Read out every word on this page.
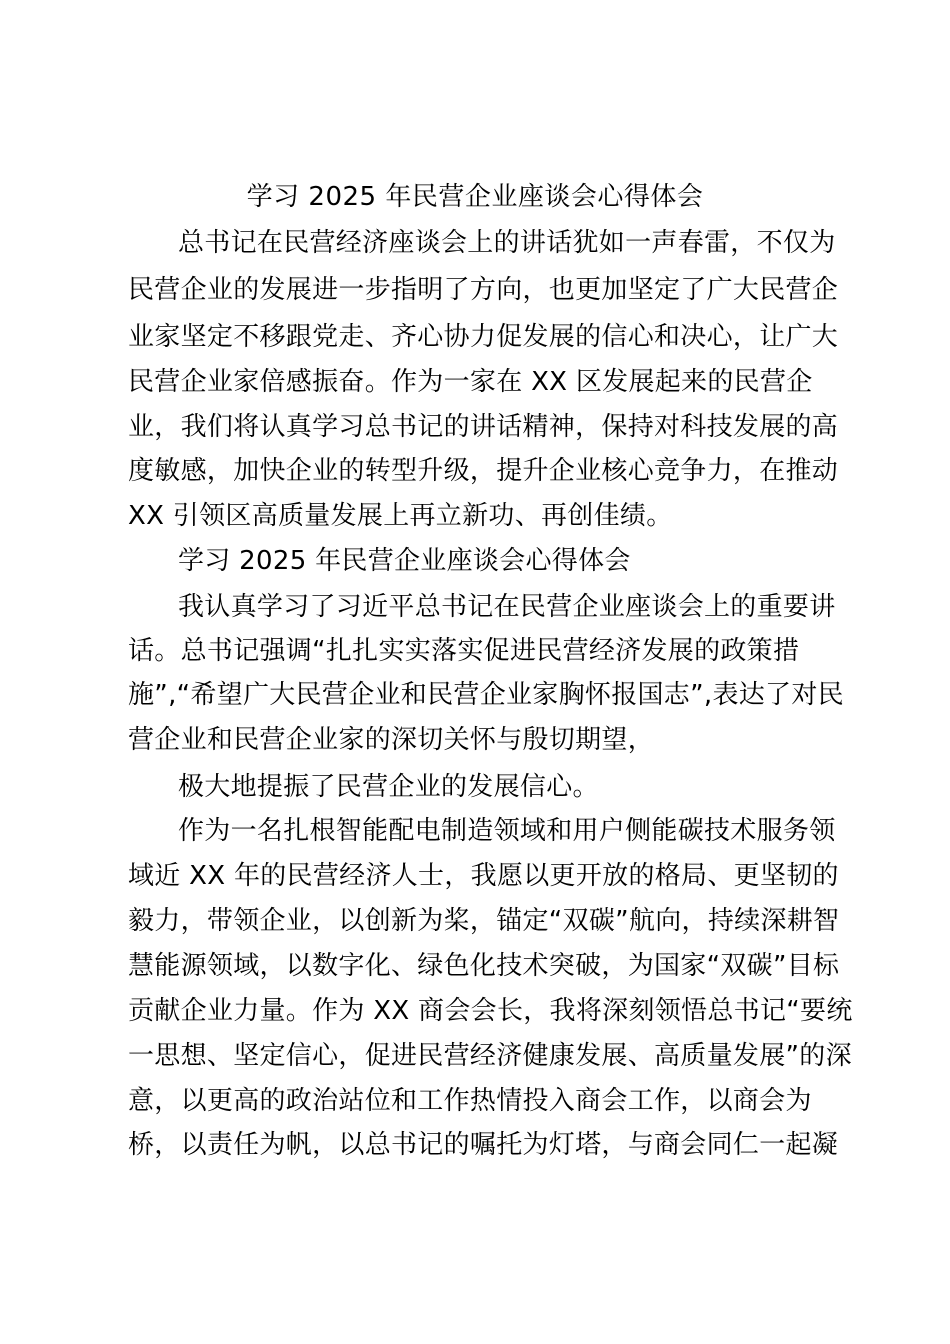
学习 2025 年民营企业座谈会心得体会
总书记在民营经济座谈会上的讲话犹如一声春雷，不仅为
民营企业的发展进一步指明了方向，也更加坚定了广大民营企
业家坚定不移跟党走、齐心协力促发展的信心和决心，让广大
民营企业家倍感振奋。作为一家在 XX 区发展起来的民营企
业，我们将认真学习总书记的讲话精神，保持对科技发展的高
度敏感，加快企业的转型升级，提升企业核心竞争力，在推动
XX 引领区高质量发展上再立新功、再创佳绩。
学习 2025 年民营企业座谈会心得体会
我认真学习了习近平总书记在民营企业座谈会上的重要讲
话。总书记强调“扎扎实实落实促进民营经济发展的政策措
施”,“希望广大民营企业和民营企业家胸怀报国志”,表达了对民
营企业和民营企业家的深切关怀与殷切期望，
极大地提振了民营企业的发展信心。
作为一名扎根智能配电制造领域和用户侧能碳技术服务领
域近 XX 年的民营经济人士，我愿以更开放的格局、更坚韧的
毅力，带领企业，以创新为桨，锚定“双碳”航向，持续深耕智
慧能源领域，以数字化、绿色化技术突破，为国家“双碳”目标
贡献企业力量。作为 XX 商会会长，我将深刻领悟总书记“要统
一思想、坚定信心，促进民营经济健康发展、高质量发展”的深
意，以更高的政治站位和工作热情投入商会工作，以商会为
桥，以责任为帆，以总书记的嘱托为灯塔，与商会同仁一起凝
